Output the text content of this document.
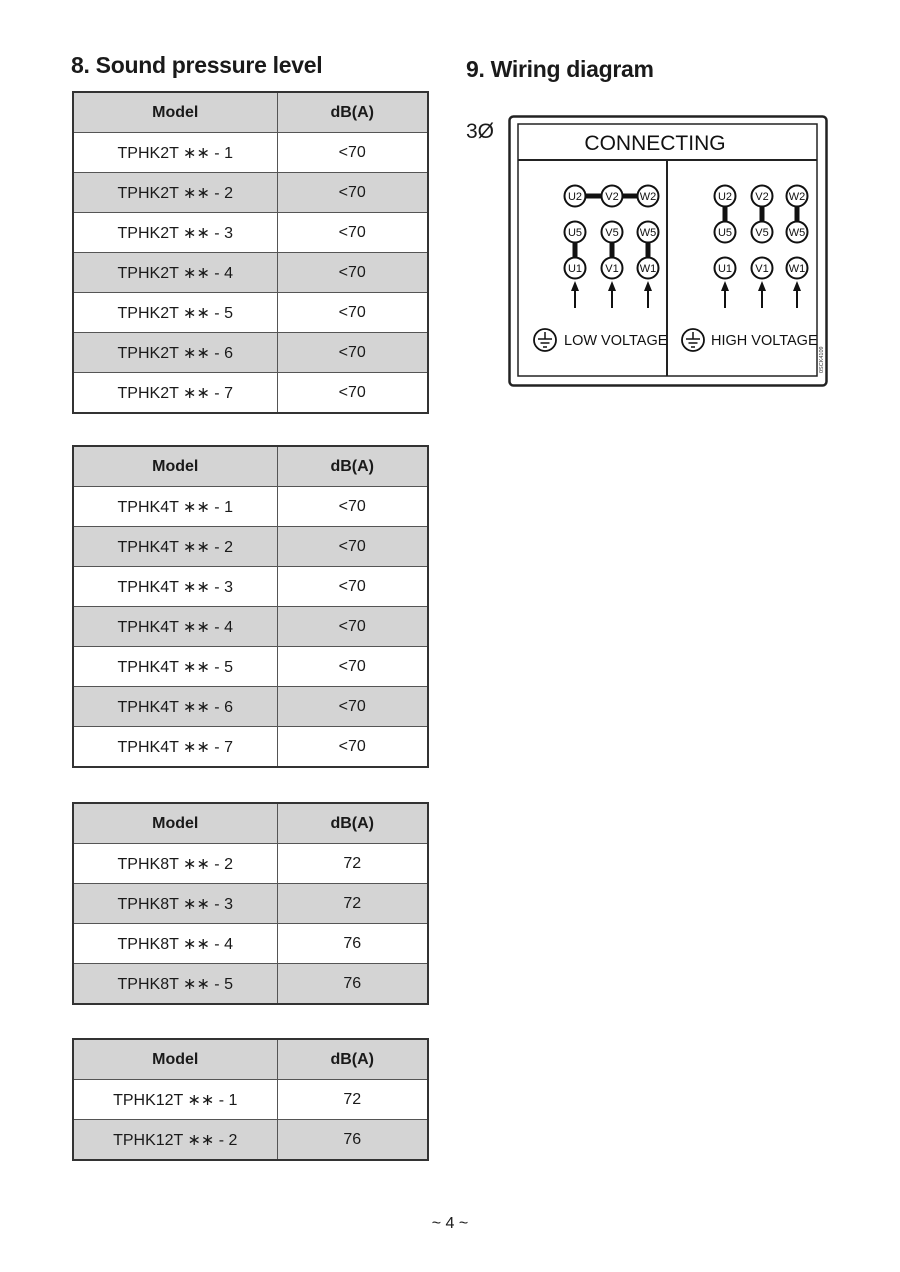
8. Sound pressure level	9. Wiring diagram
Model	dB(A)
TPHK2T ∗∗ - 1	<70
TPHK2T ∗∗ - 2	<70
TPHK2T ∗∗ - 3	<70
TPHK2T ∗∗ - 4	<70
TPHK2T ∗∗ - 5	<70
TPHK2T ∗∗ - 6	<70
TPHK2T ∗∗ - 7	<70
Model	dB(A)
TPHK4T ∗∗ - 1	<70
TPHK4T ∗∗ - 2	<70
TPHK4T ∗∗ - 3	<70
TPHK4T ∗∗ - 4	<70
TPHK4T ∗∗ - 5	<70
TPHK4T ∗∗ - 6	<70
TPHK4T ∗∗ - 7	<70
Model	dB(A)
TPHK8T ∗∗ - 2	72
TPHK8T ∗∗ - 3	72
TPHK8T ∗∗ - 4	76
TPHK8T ∗∗ - 5	76
Model	dB(A)
TPHK12T ∗∗ - 1	72
TPHK12T ∗∗ - 2	76
3Ø
CONNECTING
U2 V2 W2
U5 V5 W5
U1 V1 W1
U2 V2 W2
U5 V5 W5
U1 V1 W1
LOW VOLTAGE	HIGH VOLTAGE
0SCK4109
~ 4 ~
